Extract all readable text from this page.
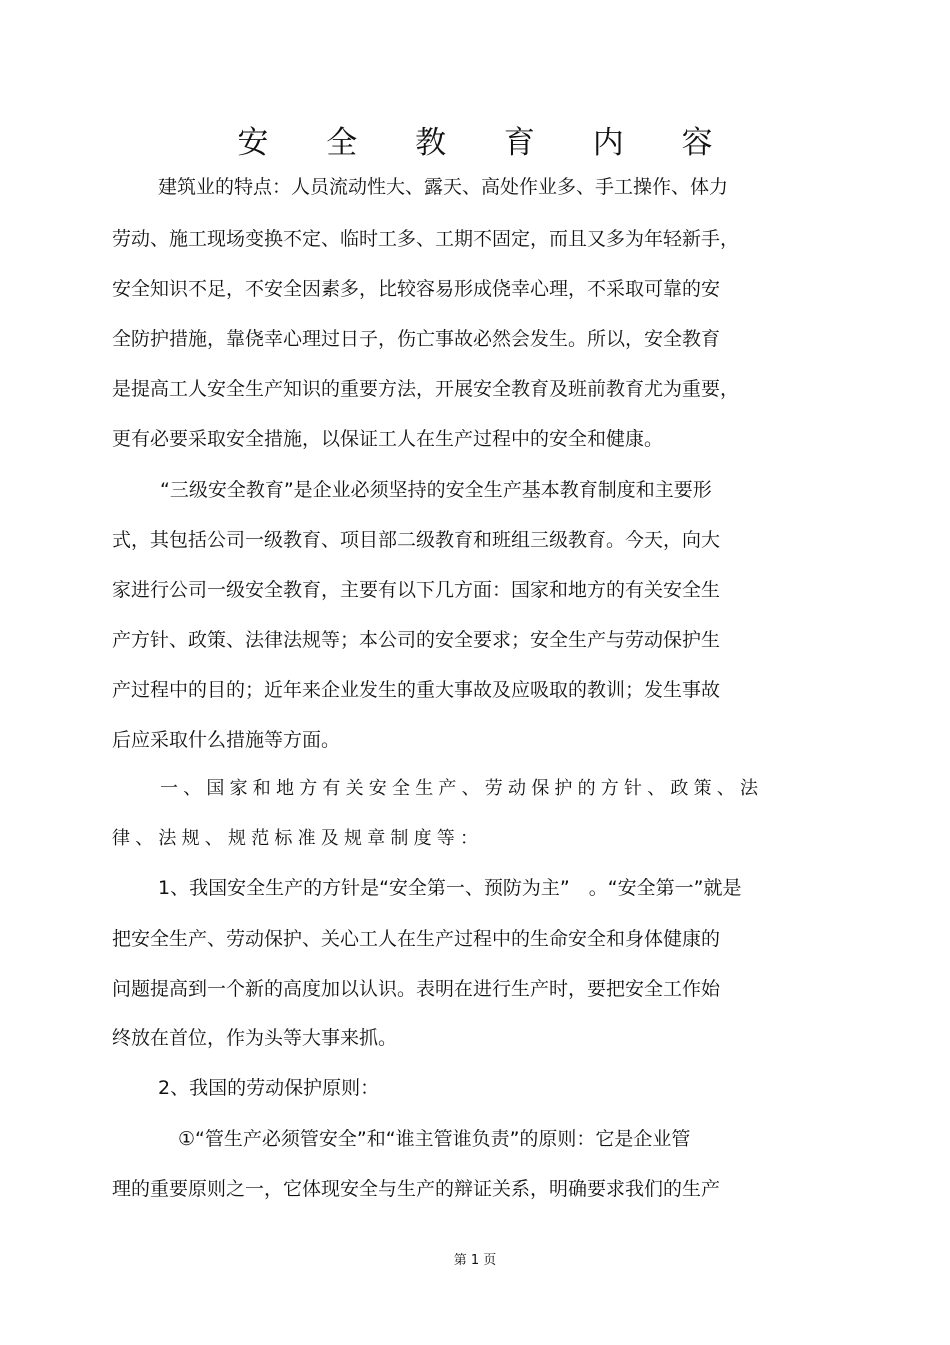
安 全 教 育 内 容

建筑业的特点：人员流动性大、露天、高处作业多、手工操作、体力

劳动、施工现场变换不定、临时工多、工期不固定，而且又多为年轻新手，

安全知识不足，不安全因素多，比较容易形成侥幸心理，不采取可靠的安

全防护措施，靠侥幸心理过日子，伤亡事故必然会发生。所以，安全教育

是提高工人安全生产知识的重要方法，开展安全教育及班前教育尤为重要，

更有必要采取安全措施，以保证工人在生产过程中的安全和健康。

“三级安全教育”是企业必须坚持的安全生产基本教育制度和主要形

式，其包括公司一级教育、项目部二级教育和班组三级教育。今天，向大

家进行公司一级安全教育，主要有以下几方面：国家和地方的有关安全生

产方针、政策、法律法规等；本公司的安全要求；安全生产与劳动保护生

产过程中的目的；近年来企业发生的重大事故及应吸取的教训；发生事故

后应采取什么措施等方面。

一、国家和地方有关安全生产、劳动保护的方针、政策、法

律、法规、规范标准及规章制度等：

1、我国安全生产的方针是“安全第一、预防为主”　。“安全第一”就是

把安全生产、劳动保护、关心工人在生产过程中的生命安全和身体健康的

问题提高到一个新的高度加以认识。表明在进行生产时，要把安全工作始

终放在首位，作为头等大事来抓。

2、我国的劳动保护原则：

①“管生产必须管安全”和“谁主管谁负责”的原则：它是企业管

理的重要原则之一，它体现安全与生产的辩证关系，明确要求我们的生产

第 1 页
